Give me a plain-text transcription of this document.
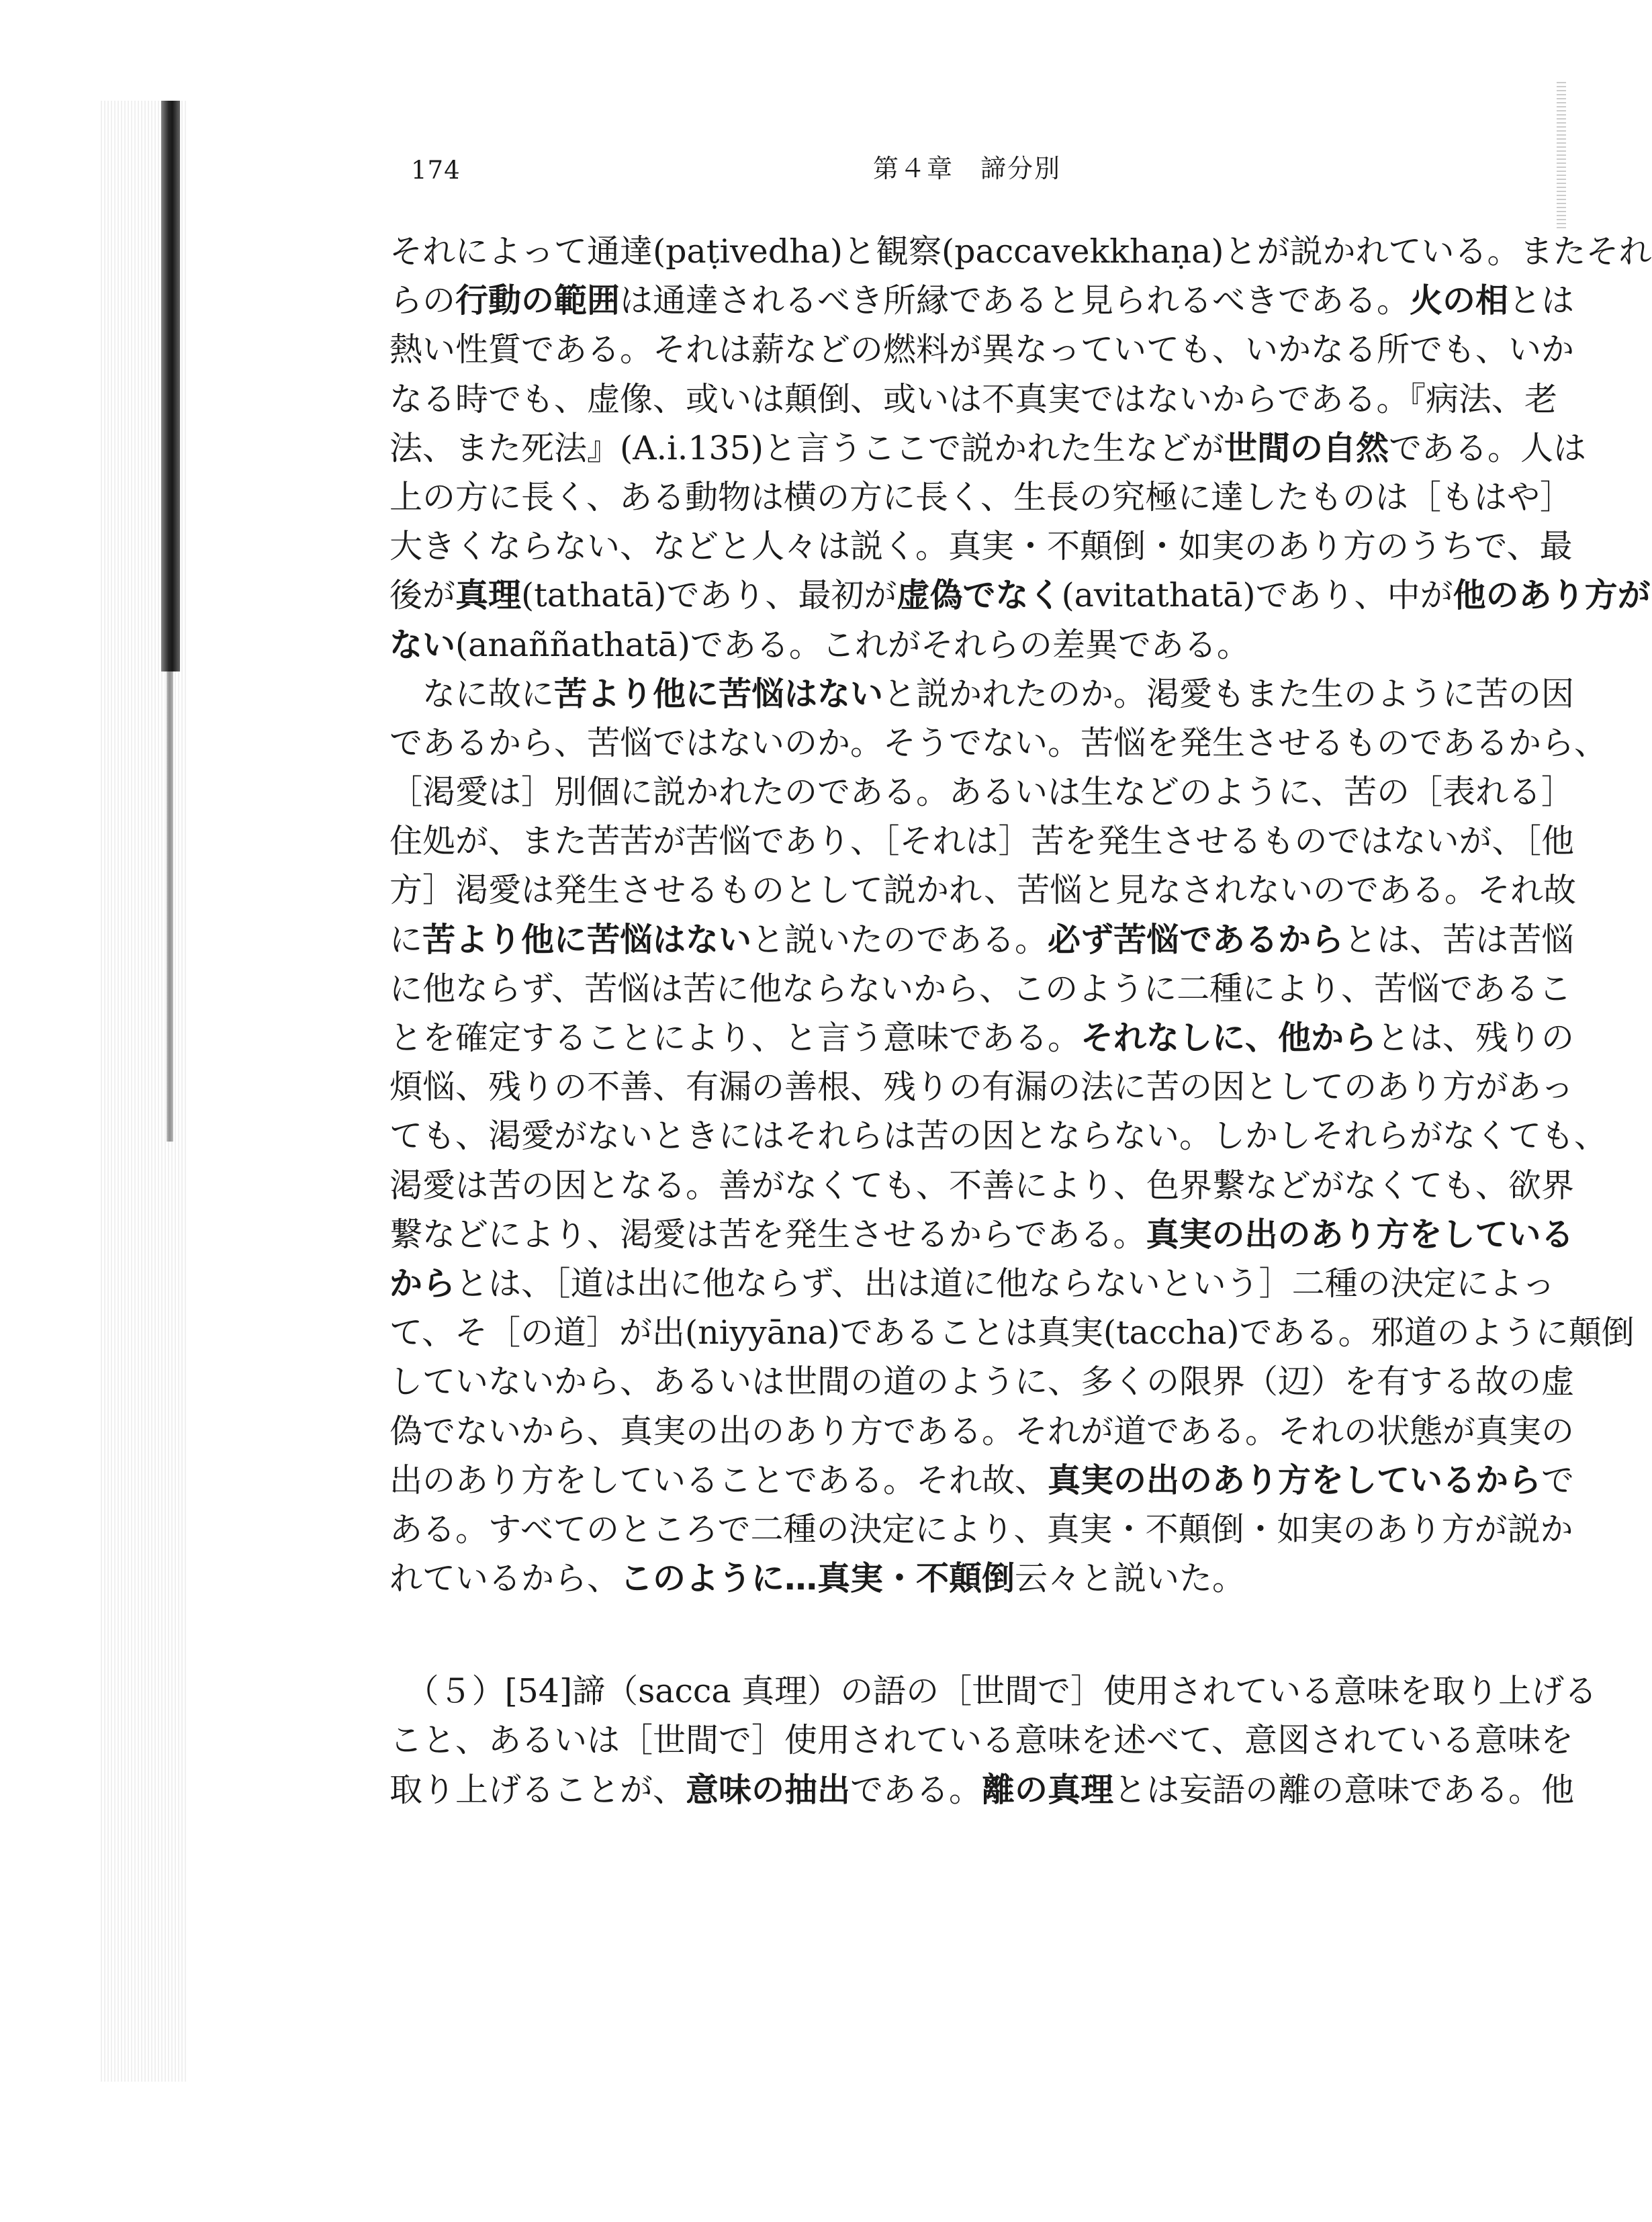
174	第４章　諦分別
それによって通達(paṭivedha)と観察(paccavekkhaṇa)とが説かれている。またそれ
らの行動の範囲は通達されるべき所縁であると見られるべきである。火の相とは
熱い性質である。それは薪などの燃料が異なっていても、いかなる所でも、いか
なる時でも、虚像、或いは顛倒、或いは不真実ではないからである。『病法、老
法、また死法』(A.i.135)と言うここで説かれた生などが世間の自然である。人は
上の方に長く、ある動物は横の方に長く、生長の究極に達したものは［もはや］
大きくならない、などと人々は説く。真実・不顛倒・如実のあり方のうちで、最
後が真理(tathatā)であり、最初が虚偽でなく(avitathatā)であり、中が他のあり方が
ない(anaññathatā)である。これがそれらの差異である。
　なに故に苦より他に苦悩はないと説かれたのか。渇愛もまた生のように苦の因
であるから、苦悩ではないのか。そうでない。苦悩を発生させるものであるから、
［渇愛は］別個に説かれたのである。あるいは生などのように、苦の［表れる］
住処が、また苦苦が苦悩であり、［それは］苦を発生させるものではないが、［他
方］渇愛は発生させるものとして説かれ、苦悩と見なされないのである。それ故
に苦より他に苦悩はないと説いたのである。必ず苦悩であるからとは、苦は苦悩
に他ならず、苦悩は苦に他ならないから、このように二種により、苦悩であるこ
とを確定することにより、と言う意味である。それなしに、他からとは、残りの
煩悩、残りの不善、有漏の善根、残りの有漏の法に苦の因としてのあり方があっ
ても、渇愛がないときにはそれらは苦の因とならない。しかしそれらがなくても、
渇愛は苦の因となる。善がなくても、不善により、色界繋などがなくても、欲界
繋などにより、渇愛は苦を発生させるからである。真実の出のあり方をしている
からとは、［道は出に他ならず、出は道に他ならないという］二種の決定によっ
て、そ［の道］が出(niyyāna)であることは真実(taccha)である。邪道のように顛倒
していないから、あるいは世間の道のように、多くの限界（辺）を有する故の虚
偽でないから、真実の出のあり方である。それが道である。それの状態が真実の
出のあり方をしていることである。それ故、真実の出のあり方をしているからで
ある。すべてのところで二種の決定により、真実・不顛倒・如実のあり方が説か
れているから、このように…真実・不顛倒云々と説いた。
　（５）[54]諦（sacca 真理）の語の［世間で］使用されている意味を取り上げる
こと、あるいは［世間で］使用されている意味を述べて、意図されている意味を
取り上げることが、意味の抽出である。離の真理とは妄語の離の意味である。他
